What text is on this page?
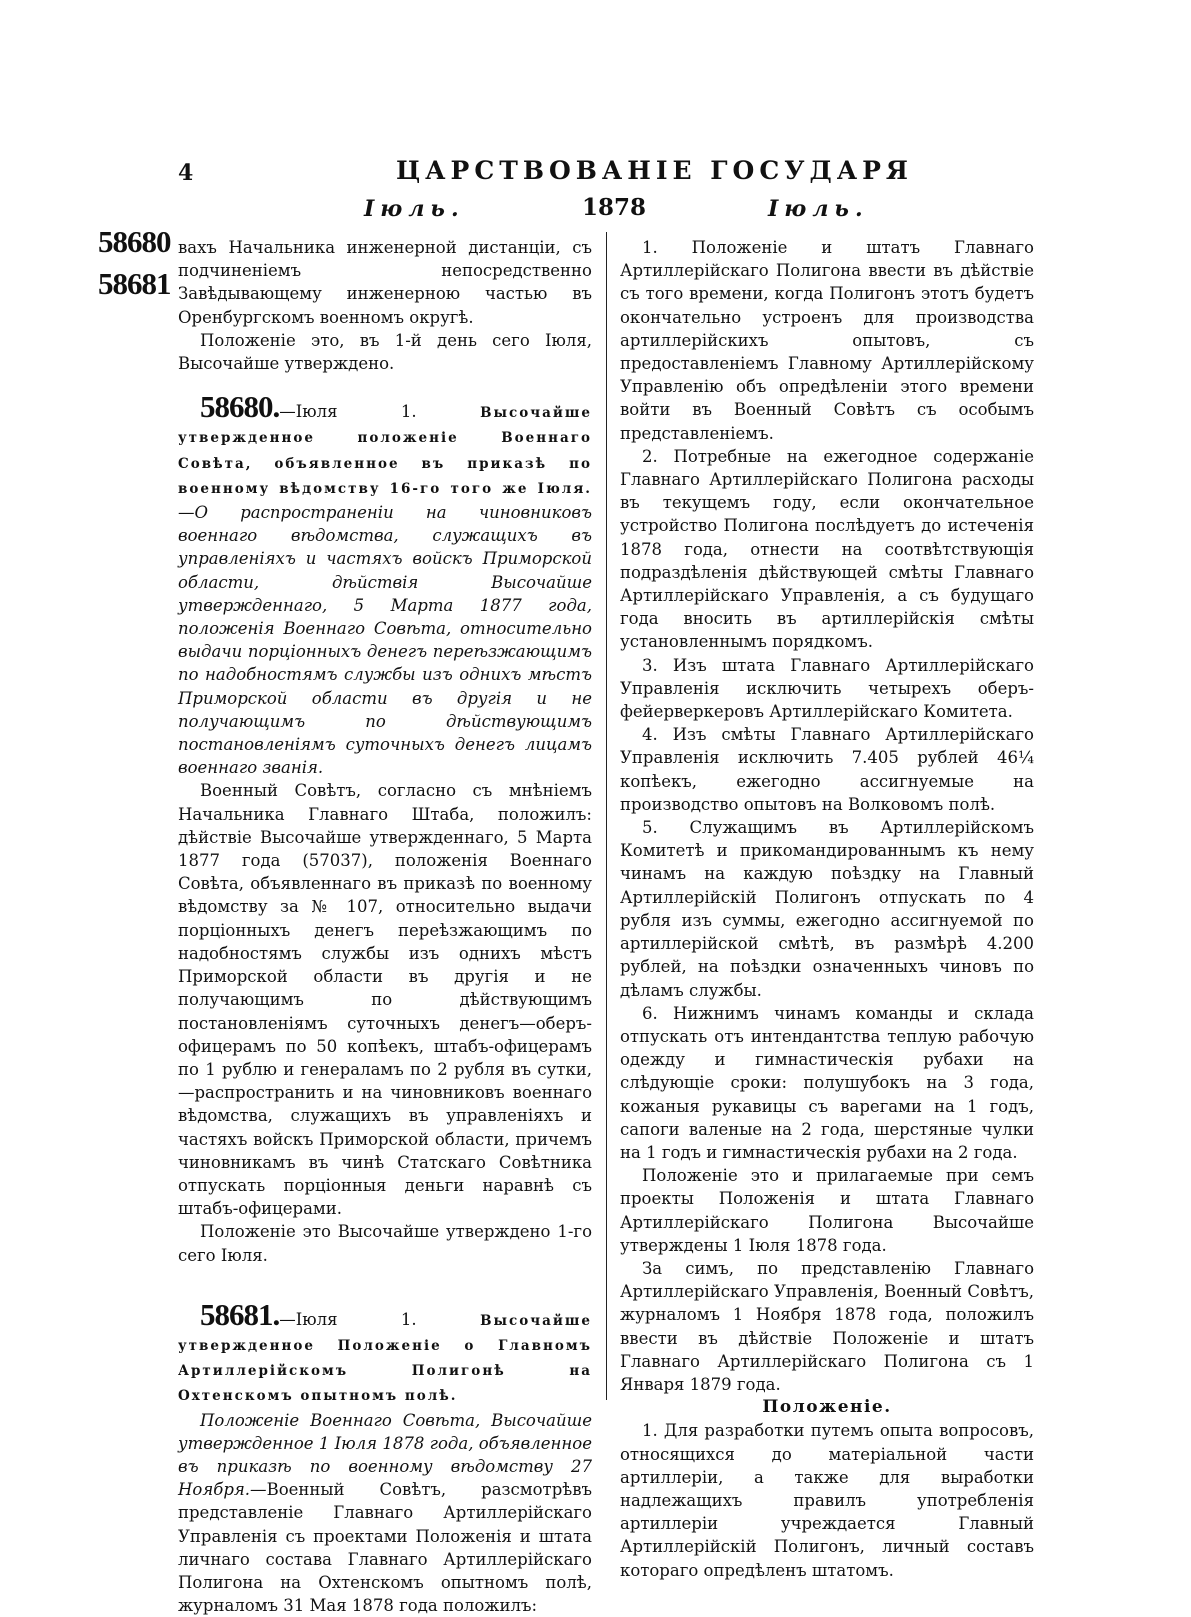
4	ЦАРСТВОВАНІЕ ГОСУДАРЯ
Іюль.	1878	Іюль.
58680
58681

вахъ Начальника инженерной дистанціи, съ подчиненіемъ непосредственно Завѣдывающему инженерною частью въ Оренбургскомъ военномъ округѣ.

Положеніе это, въ 1-й день сего Іюля, Высочайше утверждено.

58680.—Іюля 1.	Высочайше утвержденное положеніе Военнаго Совѣта, объявленное въ приказѣ по военному вѣдомству 16-го того же Іюля.—О распространеніи на чиновниковъ военнаго вѣдомства, служащихъ въ управленіяхъ и частяхъ войскъ Приморской области, дѣйствія Высочайше утвержденнаго, 5 Марта 1877 года, положенія Военнаго Совѣта, относительно выдачи порціонныхъ денегъ переѣзжающимъ по надобностямъ службы изъ однихъ мѣстъ Приморской области въ другія и не получающимъ по дѣйствующимъ постановленіямъ суточныхъ денегъ лицамъ военнаго званія.

Военный Совѣтъ, согласно съ мнѣніемъ Начальника Главнаго Штаба, положилъ: дѣйствіе Высочайше утвержденнаго, 5 Марта 1877 года (57037), положенія Военнаго Совѣта, объявленнаго въ приказѣ по военному вѣдомству за № 107, относительно выдачи порціонныхъ денегъ переѣзжающимъ по надобностямъ службы изъ однихъ мѣстъ Приморской области въ другія и не получающимъ по дѣйствующимъ постановленіямъ суточныхъ денегъ—оберъ-офицерамъ по 50 копѣекъ, штабъ-офицерамъ по 1 рублю и генераламъ по 2 рубля въ сутки,—распространить и на чиновниковъ военнаго вѣдомства, служащихъ въ управленіяхъ и частяхъ войскъ Приморской области, причемъ чиновникамъ въ чинѣ Статскаго Совѣтника отпускать порціонныя деньги наравнѣ съ штабъ-офицерами.

Положеніе это Высочайше утверждено 1-го сего Іюля.

58681.—Іюля 1.	Высочайше утвержденное Положеніе о Главномъ Артиллерійскомъ Полигонѣ на Охтенскомъ опытномъ полѣ.

Положеніе Военнаго Совѣта, Высочайше утвержденное 1 Іюля 1878 года, объявленное въ приказѣ по военному вѣдомству 27 Ноября.—Военный Совѣтъ, разсмотрѣвъ представленіе Главнаго Артиллерійскаго Управленія съ проектами Положенія и штата личнаго состава Главнаго Артиллерійскаго Полигона на Охтенскомъ опытномъ полѣ, журналомъ 31 Мая 1878 года положилъ:

1. Положеніе и штатъ Главнаго Артиллерійскаго Полигона ввести въ дѣйствіе съ того времени, когда Полигонъ этотъ будетъ окончательно устроенъ для производства артиллерійскихъ опытовъ, съ предоставленіемъ Главному Артиллерійскому Управленію объ опредѣленіи этого времени войти въ Военный Совѣтъ съ особымъ представленіемъ.

2. Потребные на ежегодное содержаніе Главнаго Артиллерійскаго Полигона расходы въ текущемъ году, если окончательное устройство Полигона послѣдуетъ до истеченія 1878 года, отнести на соотвѣтствующія подраздѣленія дѣйствующей смѣты Главнаго Артиллерійскаго Управленія, а съ будущаго года вносить въ артиллерійскія смѣты установленнымъ порядкомъ.

3. Изъ штата Главнаго Артиллерійскаго Управленія исключить четырехъ оберъ-фейерверкеровъ Артиллерійскаго Комитета.

4. Изъ смѣты Главнаго Артиллерійскаго Управленія исключить 7.405 рублей 46¼ копѣекъ, ежегодно ассигнуемые на производство опытовъ на Волковомъ полѣ.

5. Служащимъ въ Артиллерійскомъ Комитетѣ и прикомандированнымъ къ нему чинамъ на каждую поѣздку на Главный Артиллерійскій Полигонъ отпускать по 4 рубля изъ суммы, ежегодно ассигнуемой по артиллерійской смѣтѣ, въ размѣрѣ 4.200 рублей, на поѣздки означенныхъ чиновъ по дѣламъ службы.

6. Нижнимъ чинамъ команды и склада отпускать отъ интендантства теплую рабочую одежду и гимнастическія рубахи на слѣдующіе сроки: полушубокъ на 3 года, кожаныя рукавицы съ варегами на 1 годъ, сапоги валеные на 2 года, шерстяные чулки на 1 годъ и гимнастическія рубахи на 2 года.

Положеніе это и прилагаемые при семъ проекты Положенія и штата Главнаго Артиллерійскаго Полигона Высочайше утверждены 1 Іюля 1878 года.

За симъ, по представленію Главнаго Артиллерійскаго Управленія, Военный Совѣтъ, журналомъ 1 Ноября 1878 года, положилъ ввести въ дѣйствіе Положеніе и штатъ Главнаго Артиллерійскаго Полигона съ 1 Января 1879 года.

Положеніе.

1. Для разработки путемъ опыта вопросовъ, относящихся до матеріальной части артиллеріи, а также для выработки надлежащихъ правилъ употребленія артиллеріи учреждается Главный Артиллерійскій Полигонъ, личный составъ котораго опредѣленъ штатомъ.
